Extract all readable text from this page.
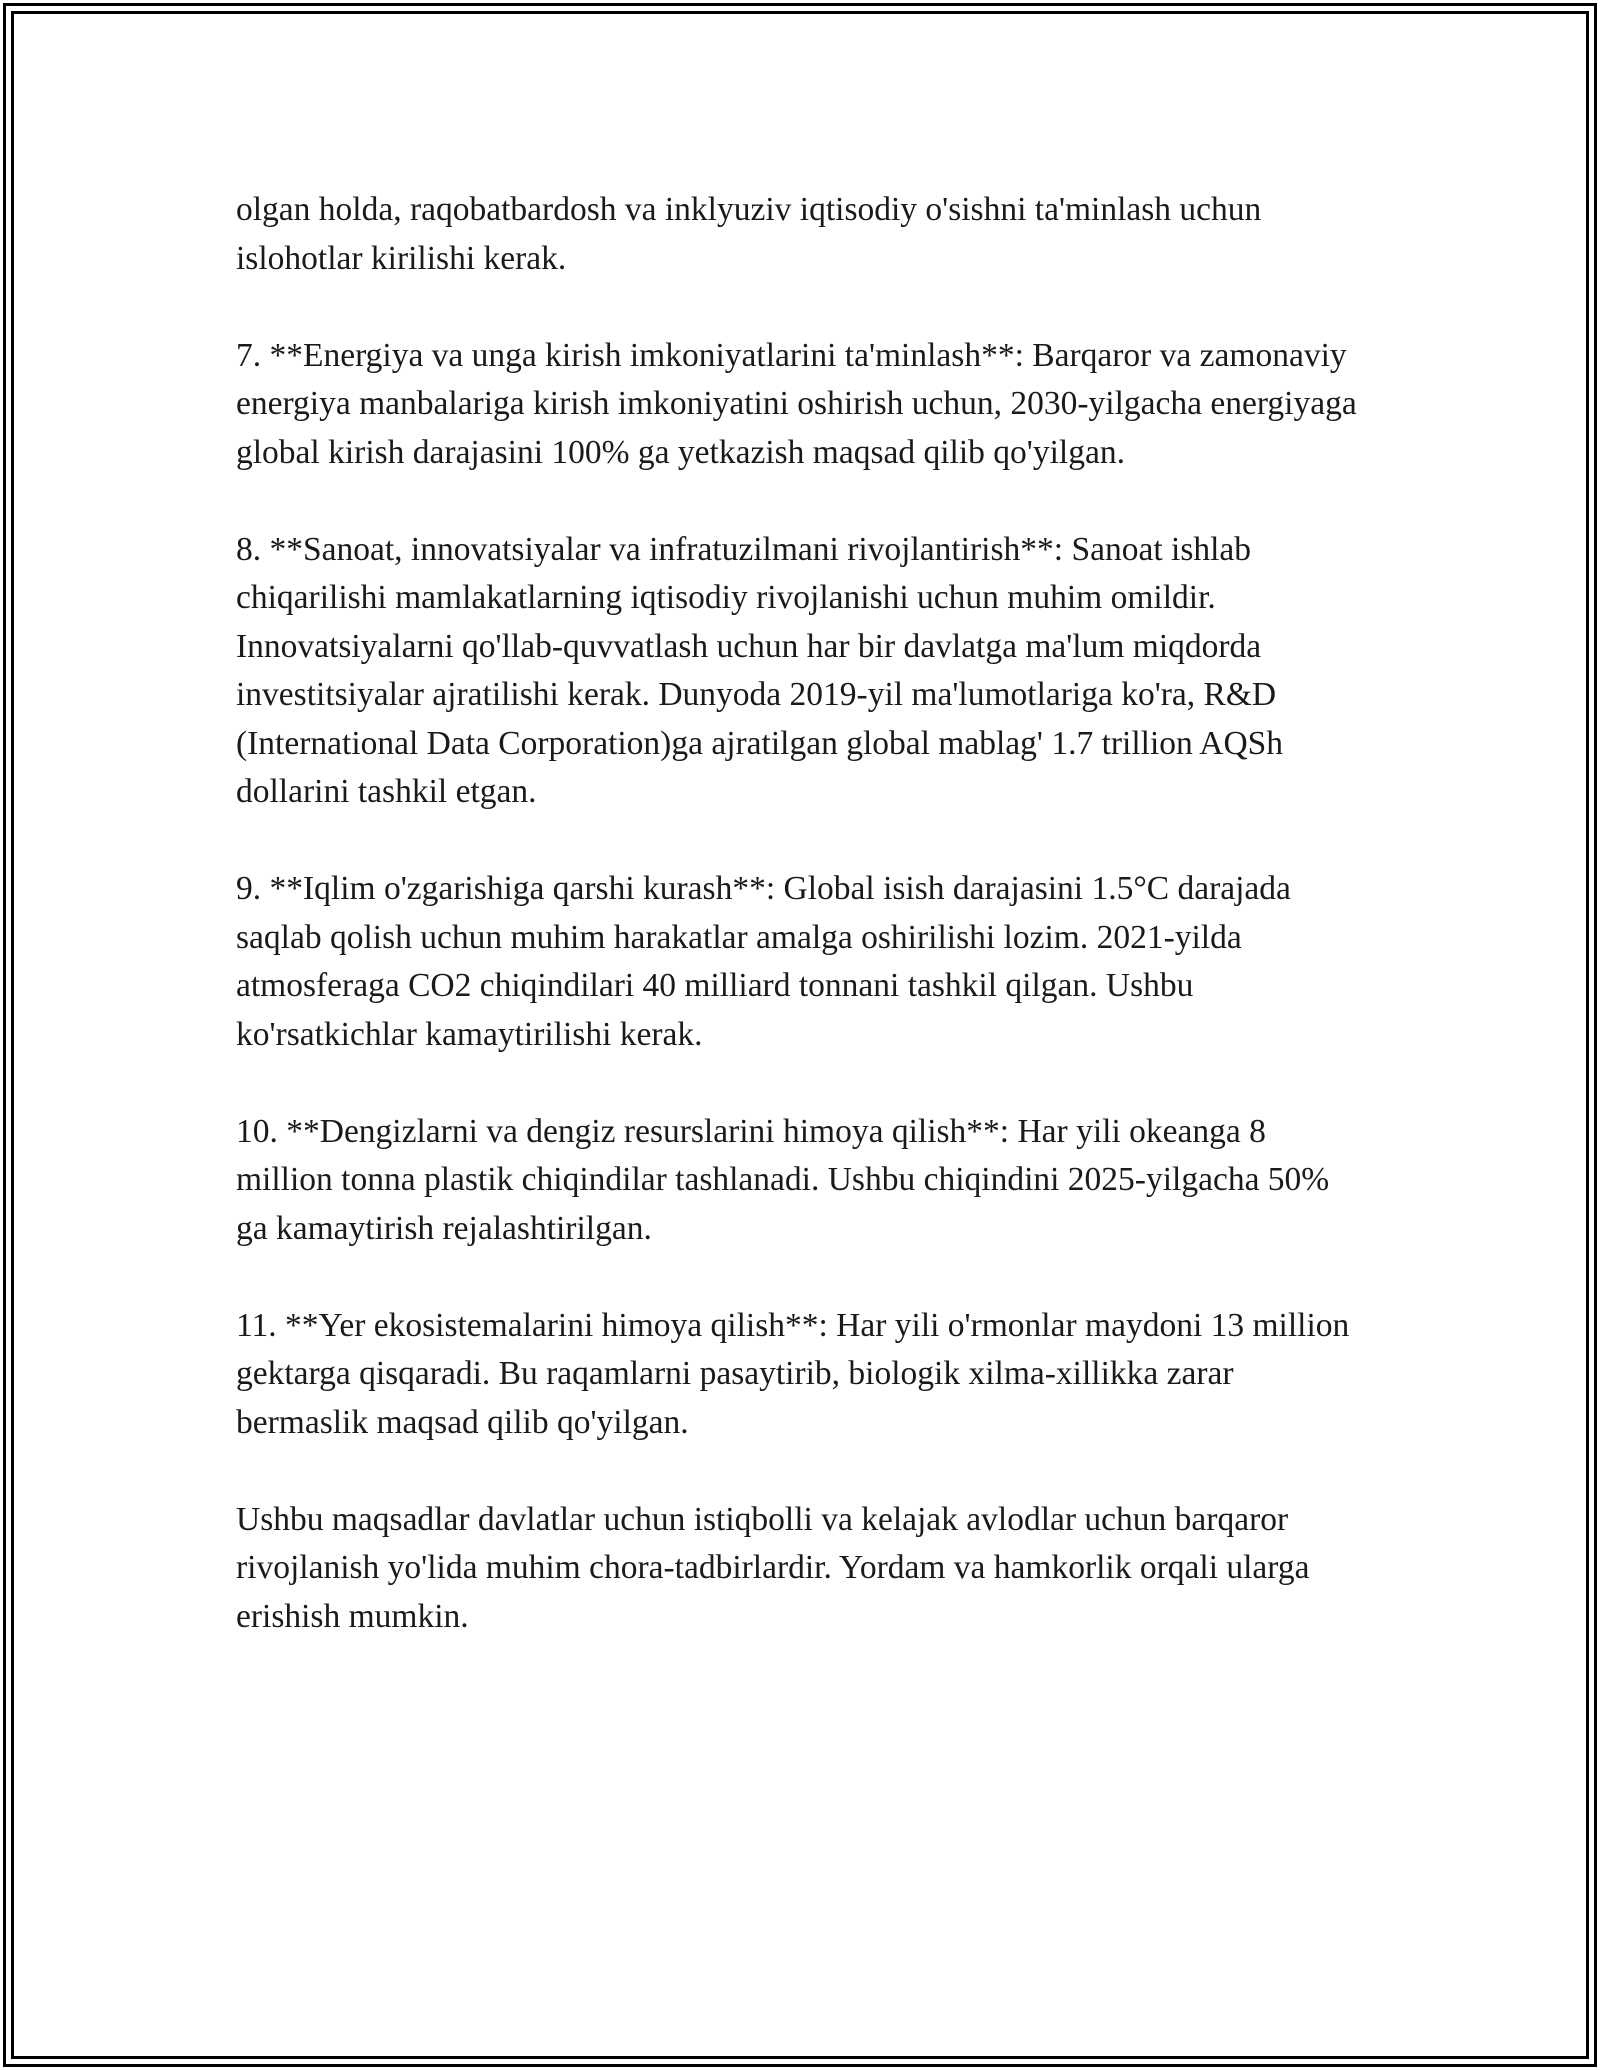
olgan holda, raqobatbardosh va inklyuziv iqtisodiy o'sishni ta'minlash uchun islohotlar kirilishi kerak.

7. **Energiya va unga kirish imkoniyatlarini ta'minlash**: Barqaror va zamonaviy energiya manbalariga kirish imkoniyatini oshirish uchun, 2030-yilgacha energiyaga global kirish darajasini 100% ga yetkazish maqsad qilib qo'yilgan.

8. **Sanoat, innovatsiyalar va infratuzilmani rivojlantirish**: Sanoat ishlab chiqarilishi mamlakatlarning iqtisodiy rivojlanishi uchun muhim omildir. Innovatsiyalarni qo'llab-quvvatlash uchun har bir davlatga ma'lum miqdorda investitsiyalar ajratilishi kerak. Dunyoda 2019-yil ma'lumotlariga ko'ra, R&D (International Data Corporation)ga ajratilgan global mablag' 1.7 trillion AQSh dollarini tashkil etgan.

9. **Iqlim o'zgarishiga qarshi kurash**: Global isish darajasini 1.5°C darajada saqlab qolish uchun muhim harakatlar amalga oshirilishi lozim. 2021-yilda atmosferaga CO2 chiqindilari 40 milliard tonnani tashkil qilgan. Ushbu ko'rsatkichlar kamaytirilishi kerak.

10. **Dengizlarni va dengiz resurslarini himoya qilish**: Har yili okeanga 8 million tonna plastik chiqindilar tashlanadi. Ushbu chiqindini 2025-yilgacha 50% ga kamaytirish rejalashtirilgan.

11. **Yer ekosistemalarini himoya qilish**: Har yili o'rmonlar maydoni 13 million gektarga qisqaradi. Bu raqamlarni pasaytirib, biologik xilma-xillikka zarar bermaslik maqsad qilib qo'yilgan.

Ushbu maqsadlar davlatlar uchun istiqbolli va kelajak avlodlar uchun barqaror rivojlanish yo'lida muhim chora-tadbirlardir. Yordam va hamkorlik orqali ularga erishish mumkin.
